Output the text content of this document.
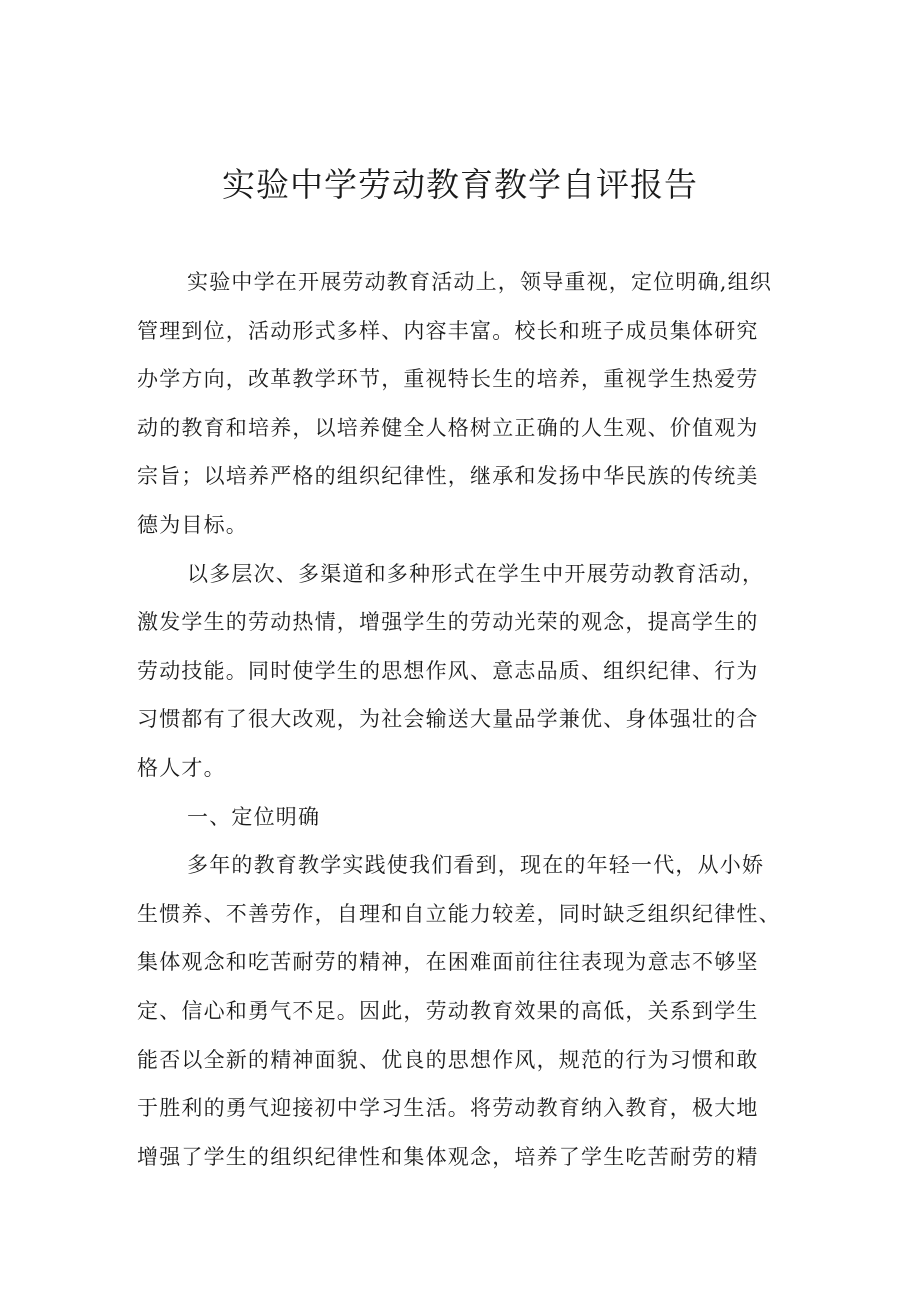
实验中学劳动教育教学自评报告
实验中学在开展劳动教育活动上，领导重视，定位明确,组织
管理到位，活动形式多样、内容丰富。校长和班子成员集体研究
办学方向，改革教学环节，重视特长生的培养，重视学生热爱劳
动的教育和培养，以培养健全人格树立正确的人生观、价值观为
宗旨；以培养严格的组织纪律性，继承和发扬中华民族的传统美
德为目标。
以多层次、多渠道和多种形式在学生中开展劳动教育活动，
激发学生的劳动热情，增强学生的劳动光荣的观念，提高学生的
劳动技能。同时使学生的思想作风、意志品质、组织纪律、行为
习惯都有了很大改观，为社会输送大量品学兼优、身体强壮的合
格人才。
一、定位明确
多年的教育教学实践使我们看到，现在的年轻一代，从小娇
生惯养、不善劳作，自理和自立能力较差，同时缺乏组织纪律性、
集体观念和吃苦耐劳的精神，在困难面前往往表现为意志不够坚
定、信心和勇气不足。因此，劳动教育效果的高低，关系到学生
能否以全新的精神面貌、优良的思想作风，规范的行为习惯和敢
于胜利的勇气迎接初中学习生活。将劳动教育纳入教育，极大地
增强了学生的组织纪律性和集体观念，培养了学生吃苦耐劳的精
